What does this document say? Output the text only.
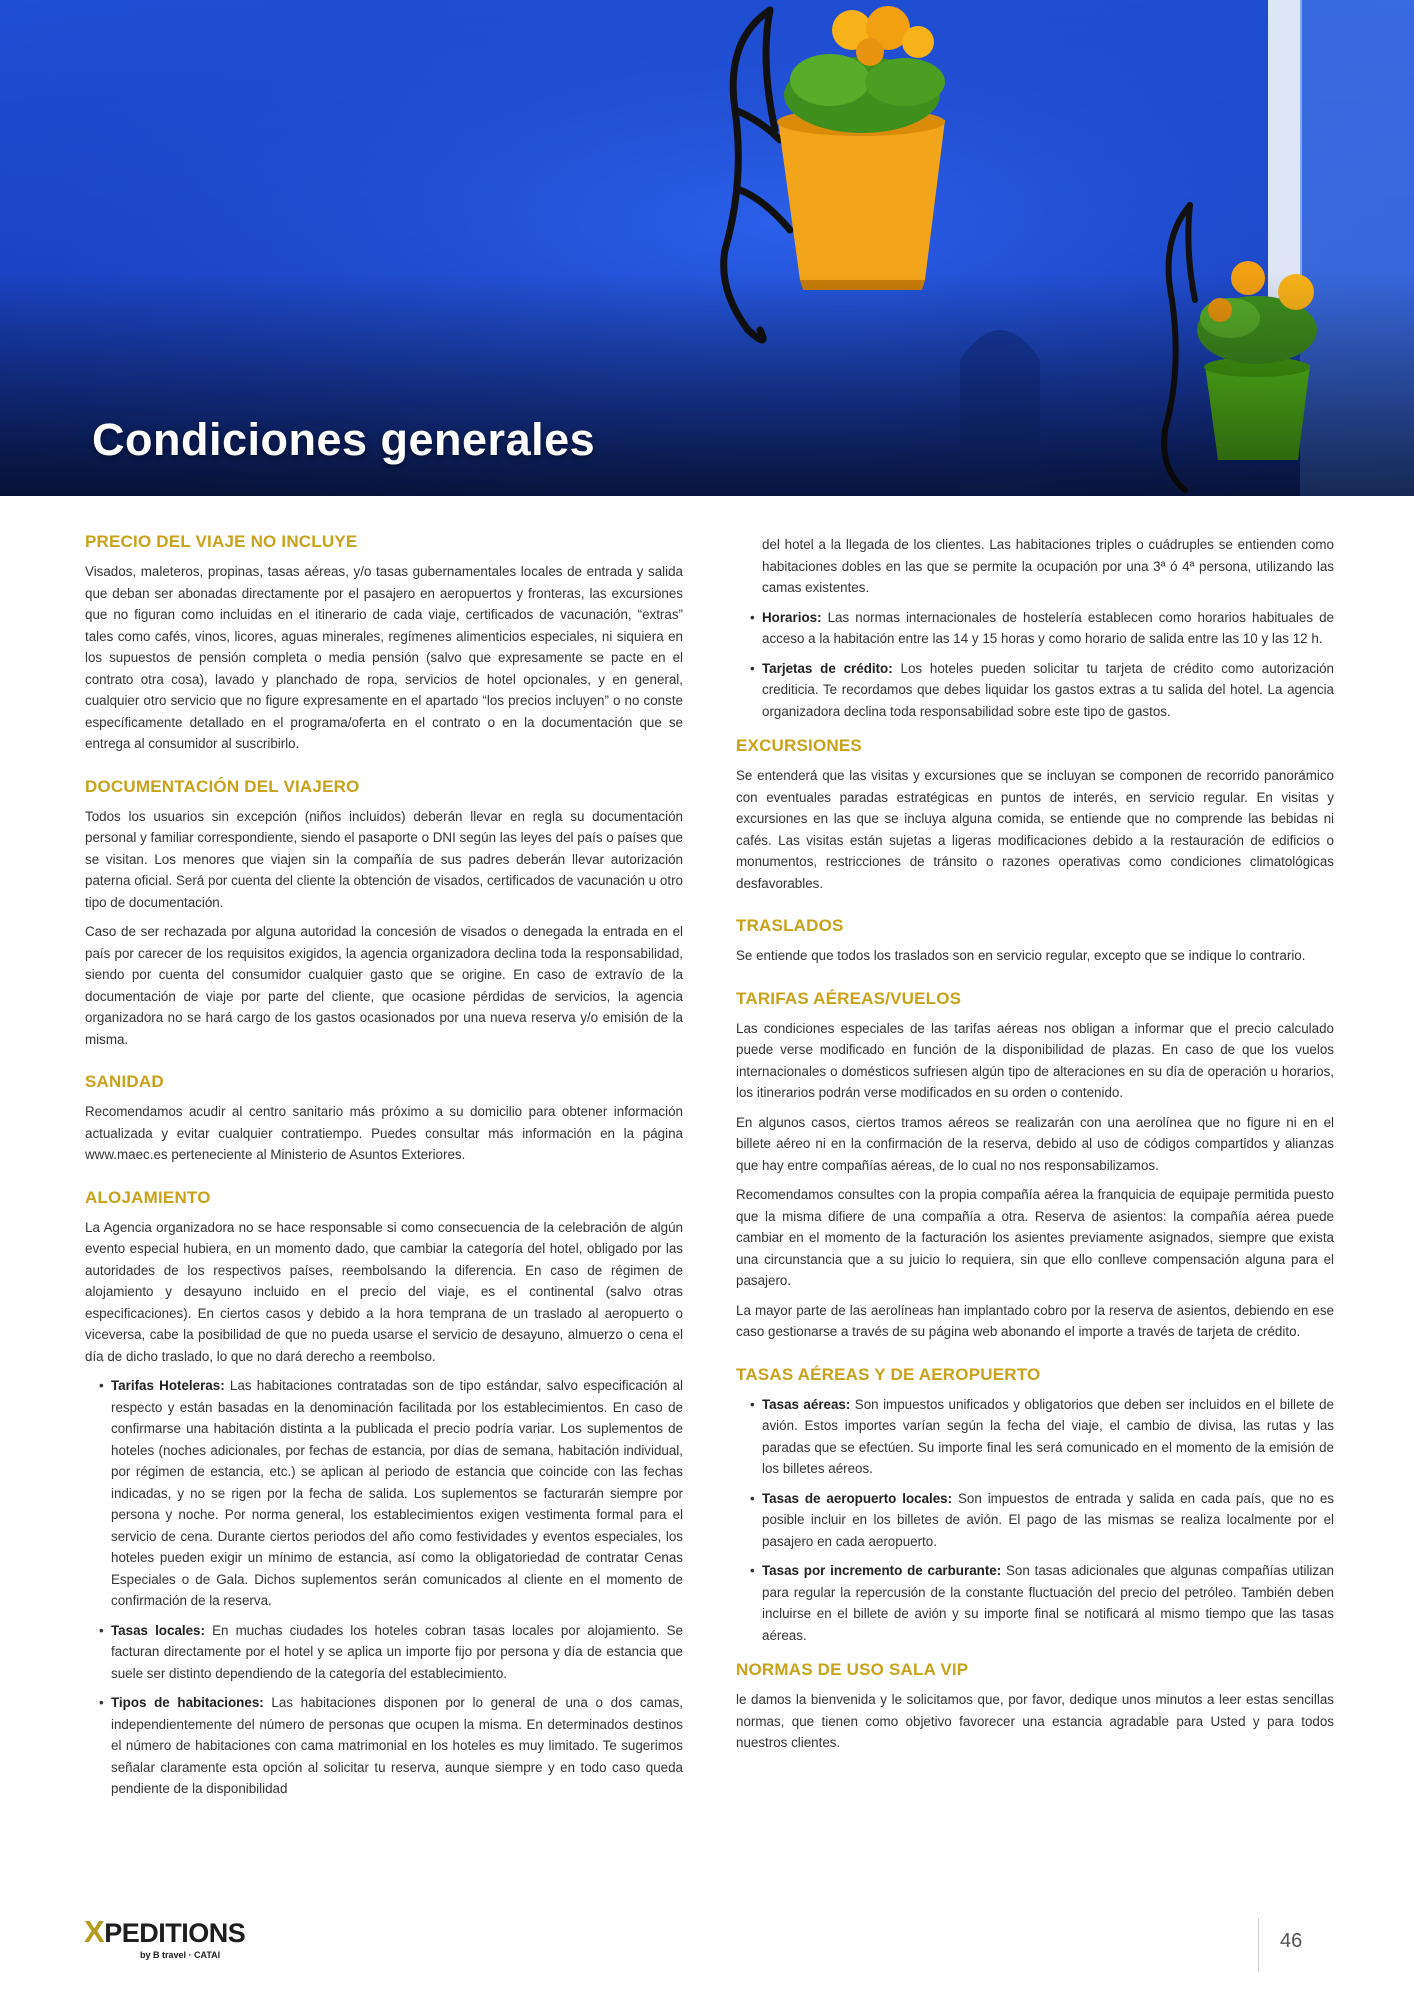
Condiciones generales
PRECIO DEL VIAJE NO INCLUYE

Visados, maleteros, propinas, tasas aéreas, y/o tasas gubernamentales locales de entrada y salida que deban ser abonadas directamente por el pasajero en aeropuertos y fronteras, las excursiones que no figuran como incluidas en el itinerario de cada viaje, certificados de vacunación, “extras” tales como cafés, vinos, licores, aguas minerales, regímenes alimenticios especiales, ni siquiera en los supuestos de pensión completa o media pensión (salvo que expresamente se pacte en el contrato otra cosa), lavado y planchado de ropa, servicios de hotel opcionales, y en general, cualquier otro servicio que no figure expresamente en el apartado “los precios incluyen” o no conste específicamente detallado en el programa/oferta en el contrato o en la documentación que se entrega al consumidor al suscribirlo.

DOCUMENTACIÓN DEL VIAJERO

Todos los usuarios sin excepción (niños incluidos) deberán llevar en regla su documentación personal y familiar correspondiente, siendo el pasaporte o DNI según las leyes del país o países que se visitan. Los menores que viajen sin la compañía de sus padres deberán llevar autorización paterna oficial. Será por cuenta del cliente la obtención de visados, certificados de vacunación u otro tipo de documentación.

Caso de ser rechazada por alguna autoridad la concesión de visados o denegada la entrada en el país por carecer de los requisitos exigidos, la agencia organizadora declina toda la responsabilidad, siendo por cuenta del consumidor cualquier gasto que se origine. En caso de extravío de la documentación de viaje por parte del cliente, que ocasione pérdidas de servicios, la agencia organizadora no se hará cargo de los gastos ocasionados por una nueva reserva y/o emisión de la misma.

SANIDAD

Recomendamos acudir al centro sanitario más próximo a su domicilio para obtener información actualizada y evitar cualquier contratiempo. Puedes consultar más información en la página www.maec.es perteneciente al Ministerio de Asuntos Exteriores.

ALOJAMIENTO

La Agencia organizadora no se hace responsable si como consecuencia de la celebración de algún evento especial hubiera, en un momento dado, que cambiar la categoría del hotel, obligado por las autoridades de los respectivos países, reembolsando la diferencia. En caso de régimen de alojamiento y desayuno incluido en el precio del viaje, es el continental (salvo otras especificaciones). En ciertos casos y debido a la hora temprana de un traslado al aeropuerto o viceversa, cabe la posibilidad de que no pueda usarse el servicio de desayuno, almuerzo o cena el día de dicho traslado, lo que no dará derecho a reembolso.

• Tarifas Hoteleras: Las habitaciones contratadas son de tipo estándar, salvo especificación al respecto y están basadas en la denominación facilitada por los establecimientos. En caso de confirmarse una habitación distinta a la publicada el precio podría variar. Los suplementos de hoteles (noches adicionales, por fechas de estancia, por días de semana, habitación individual, por régimen de estancia, etc.) se aplican al periodo de estancia que coincide con las fechas indicadas, y no se rigen por la fecha de salida. Los suplementos se facturarán siempre por persona y noche. Por norma general, los establecimientos exigen vestimenta formal para el servicio de cena. Durante ciertos periodos del año como festividades y eventos especiales, los hoteles pueden exigir un mínimo de estancia, así como la obligatoriedad de contratar Cenas Especiales o de Gala. Dichos suplementos serán comunicados al cliente en el momento de confirmación de la reserva.
• Tasas locales: En muchas ciudades los hoteles cobran tasas locales por alojamiento. Se facturan directamente por el hotel y se aplica un importe fijo por persona y día de estancia que suele ser distinto dependiendo de la categoría del establecimiento.
• Tipos de habitaciones: Las habitaciones disponen por lo general de una o dos camas, independientemente del número de personas que ocupen la misma. En determinados destinos el número de habitaciones con cama matrimonial en los hoteles es muy limitado. Te sugerimos señalar claramente esta opción al solicitar tu reserva, aunque siempre y en todo caso queda pendiente de la disponibilidad

del hotel a la llegada de los clientes. Las habitaciones triples o cuádruples se entienden como habitaciones dobles en las que se permite la ocupación por una 3ª ó 4ª persona, utilizando las camas existentes.

• Horarios: Las normas internacionales de hostelería establecen como horarios habituales de acceso a la habitación entre las 14 y 15 horas y como horario de salida entre las 10 y las 12 h.
• Tarjetas de crédito: Los hoteles pueden solicitar tu tarjeta de crédito como autorización crediticia. Te recordamos que debes liquidar los gastos extras a tu salida del hotel. La agencia organizadora declina toda responsabilidad sobre este tipo de gastos.
EXCURSIONES

Se entenderá que las visitas y excursiones que se incluyan se componen de recorrido panorámico con eventuales paradas estratégicas en puntos de interés, en servicio regular. En visitas y excursiones en las que se incluya alguna comida, se entiende que no comprende las bebidas ni cafés. Las visitas están sujetas a ligeras modificaciones debido a la restauración de edificios o monumentos, restricciones de tránsito o razones operativas como condiciones climatológicas desfavorables.

TRASLADOS

Se entiende que todos los traslados son en servicio regular, excepto que se indique lo contrario.

TARIFAS AÉREAS/VUELOS

Las condiciones especiales de las tarifas aéreas nos obligan a informar que el precio calculado puede verse modificado en función de la disponibilidad de plazas. En caso de que los vuelos internacionales o domésticos sufriesen algún tipo de alteraciones en su día de operación u horarios, los itinerarios podrán verse modificados en su orden o contenido.

En algunos casos, ciertos tramos aéreos se realizarán con una aerolínea que no figure ni en el billete aéreo ni en la confirmación de la reserva, debido al uso de códigos compartidos y alianzas que hay entre compañías aéreas, de lo cual no nos responsabilizamos.

Recomendamos consultes con la propia compañía aérea la franquicia de equipaje permitida puesto que la misma difiere de una compañía a otra. Reserva de asientos: la compañía aérea puede cambiar en el momento de la facturación los asientes previamente asignados, siempre que exista una circunstancia que a su juicio lo requiera, sin que ello conlleve compensación alguna para el pasajero.

La mayor parte de las aerolíneas han implantado cobro por la reserva de asientos, debiendo en ese caso gestionarse a través de su página web abonando el importe a través de tarjeta de crédito.

TASAS AÉREAS Y DE AEROPUERTO
• Tasas aéreas: Son impuestos unificados y obligatorios que deben ser incluidos en el billete de avión. Estos importes varían según la fecha del viaje, el cambio de divisa, las rutas y las paradas que se efectúen. Su importe final les será comunicado en el momento de la emisión de los billetes aéreos.
• Tasas de aeropuerto locales: Son impuestos de entrada y salida en cada país, que no es posible incluir en los billetes de avión. El pago de las mismas se realiza localmente por el pasajero en cada aeropuerto.
• Tasas por incremento de carburante: Son tasas adicionales que algunas compañías utilizan para regular la repercusión de la constante fluctuación del precio del petróleo. También deben incluirse en el billete de avión y su importe final se notificará al mismo tiempo que las tasas aéreas.
NORMAS DE USO SALA VIP

le damos la bienvenida y le solicitamos que, por favor, dedique unos minutos a leer estas sencillas normas, que tienen como objetivo favorecer una estancia agradable para Usted y para todos nuestros clientes.

XPEDITIONS
by B travel · CATAI
46
